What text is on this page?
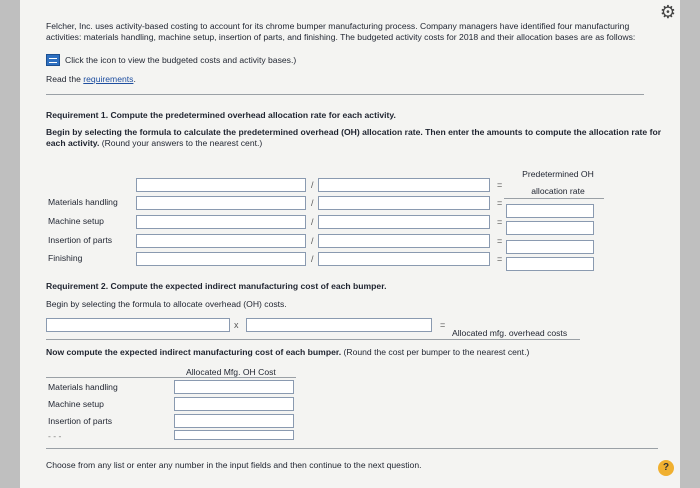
⚙
Felcher, Inc. uses activity-based costing to account for its chrome bumper manufacturing process. Company managers have identified four manufacturing activities: materials handling, machine setup, insertion of parts, and finishing. The budgeted activity costs for 2018 and their allocation bases are as follows:
Click the icon to view the budgeted costs and activity bases.)
Read the requirements.
Requirement 1. Compute the predetermined overhead allocation rate for each activity.
Begin by selecting the formula to calculate the predetermined overhead (OH) allocation rate. Then enter the amounts to compute the allocation rate for each activity. (Round your answers to the nearest cent.)
Predetermined OH
allocation rate
/	=
Materials handling	/	=
Machine setup	/	=
Insertion of parts	/	=
Finishing	/	=
Requirement 2. Compute the expected indirect manufacturing cost of each bumper.
Begin by selecting the formula to allocate overhead (OH) costs.
x	=
Allocated mfg. overhead costs
Now compute the expected indirect manufacturing cost of each bumper. (Round the cost per bumper to the nearest cent.)
Allocated Mfg. OH Cost
Materials handling
Machine setup
Insertion of parts
- - -
Choose from any list or enter any number in the input fields and then continue to the next question.	?
